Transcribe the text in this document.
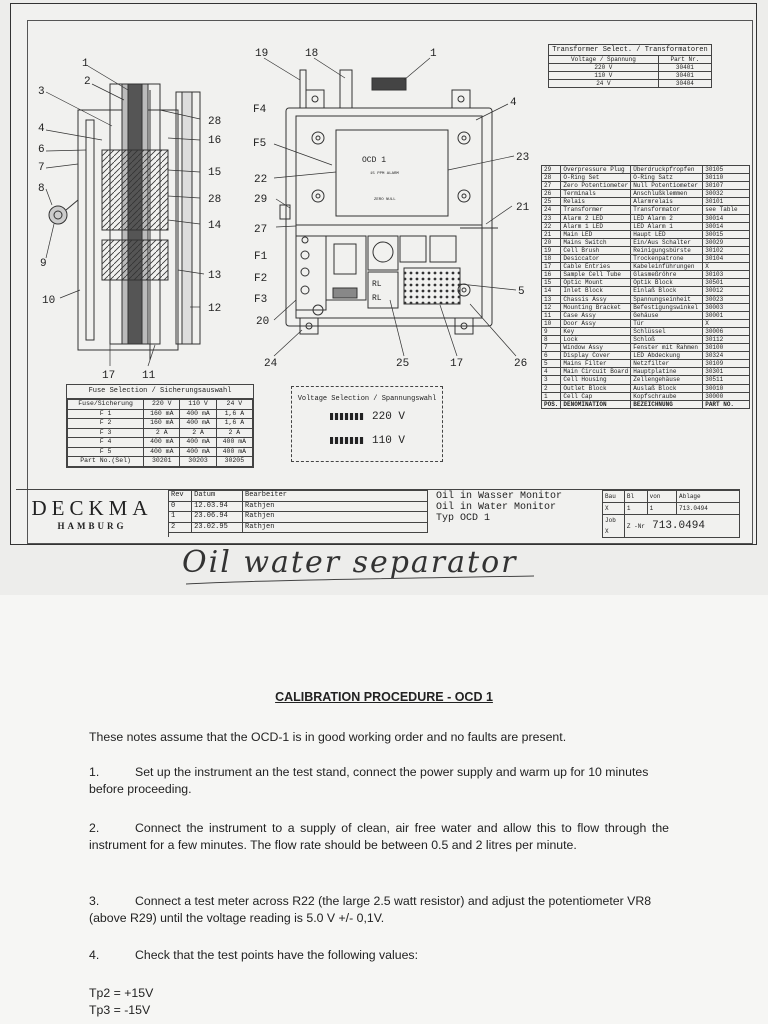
1
2
3
4
6
7
8
9
10
28
16
15
28
14
13
12
17 11
19	18	1
4
23
21
5
F4
F5
22
29
27
F1
F2
F3
20
24	25	17	26
OCD 1
15 PPM ALARM
ZERO NULL
RL
RL
Transformer Select. / Transformatoren	
Voltage / Spannung	Part Nr.
220 V	30401
110 V	30401
24 V	30404
29	Overpressure Plug	Überdruckpfropfen	30105
28	O-Ring Set	O-Ring Satz	30110
27	Zero Potentiometer	Null Potentiometer	30107
26	Terminals	Anschlußklemmen	30032
25	Relais	Alarmrelais	30101
24	Transformer	Transformator	see Table
23	Alarm 2 LED	LED Alarm 2	30014
22	Alarm 1 LED	LED Alarm 1	30014
21	Main LED	Haupt LED	30015
20	Mains Switch	Ein/Aus Schalter	30029
19	Cell Brush	Reinigungsbürste	30102
18	Desiccator	Trockenpatrone	30104
17	Cable Entries	Kabeleinführungen	X
16	Sample Cell Tube	Glasmeßröhre	30103
15	Optic Mount	Optik Block	30501
14	Inlet Block	Einlaß Block	30012
13	Chassis Assy	Spannungseinheit	30023
12	Mounting Bracket	Befestigungswinkel	30003
11	Case Assy	Gehäuse	30001
10	Door Assy	Tür	X
9	Key	Schlüssel	30006
8	Lock	Schloß	30112
7	Window Assy	Fenster mit Rahmen	30100
6	Display Cover	LED Abdeckung	30324
5	Mains Filter	Netzfilter	30109
4	Main Circuit Board	Hauptplatine	30301
3	Cell Housing	Zellengehäuse	30511
2	Outlet Block	Auslaß Block	30010
1	Cell Cap	Kopfschraube	30000
POS.	DENOMINATION	BEZEICHNUNG	PART NO.
Fuse Selection / Sicherungsauswahl
Fuse/Sicherung	220 V	110 V	24 V
F 1	160 mA	400 mA	1,6 A
F 2	160 mA	400 mA	1,6 A
F 3	2 A	2 A	2 A
F 4	400 mA	400 mA	400 mA
F 5	400 mA	400 mA	400 mA
Part No.(Sel)	30201	30203	30205
Voltage Selection / Spannungswahl
220 V
110 V
DECKMA
HAMBURG
Rev	Datum	Bearbeiter
0	12.03.94	Rathjen
1	23.06.94	Rathjen
2	23.02.95	Rathjen
Oil in Wasser Monitor
Oil in Water Monitor
Typ OCD 1
Bau	Bl	von	Ablage
X	1	1	713.0494
Job
X	Z -Nr 713.0494		
Oil water separator
CALIBRATION PROCEDURE - OCD 1
These notes assume that the OCD-1 is in good working order and no faults are present.
1.	Set up the instrument an the test stand, connect the power supply and warm up for 10 minutes before proceeding.
2.	Connect the instrument to a supply of clean, air free water and allow this to flow through the instrument for a few minutes. The flow rate should be between 0.5 and 2 litres per minute.
3.	Connect a test meter across R22 (the large 2.5 watt resistor) and adjust the potentiometer VR8 (above R29) until the voltage reading is 5.0 V +/- 0,1V.
4.	Check that the test points have the following values:
Tp2 = +15V
Tp3 = -15V
